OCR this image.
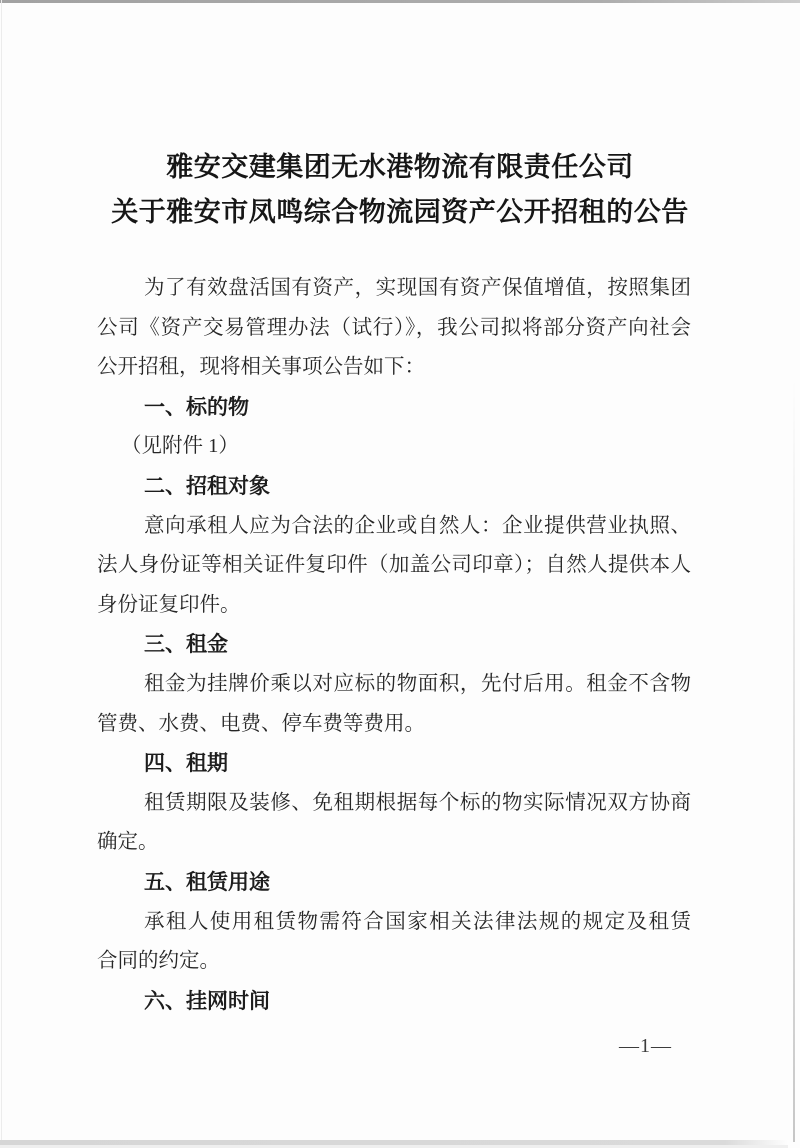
雅安交建集团无水港物流有限责任公司
关于雅安市凤鸣综合物流园资产公开招租的公告
为了有效盘活国有资产，实现国有资产保值增值，按照集团
公司《资产交易管理办法（试行）》，我公司拟将部分资产向社会
公开招租，现将相关事项公告如下：
一、标的物
（见附件 1）
二、招租对象
意向承租人应为合法的企业或自然人：企业提供营业执照、
法人身份证等相关证件复印件（加盖公司印章）；自然人提供本人
身份证复印件。
三、租金
租金为挂牌价乘以对应标的物面积，先付后用。租金不含物
管费、水费、电费、停车费等费用。
四、租期
租赁期限及装修、免租期根据每个标的物实际情况双方协商
确定。
五、租赁用途
承租人使用租赁物需符合国家相关法律法规的规定及租赁
合同的约定。
六、挂网时间
—1—
